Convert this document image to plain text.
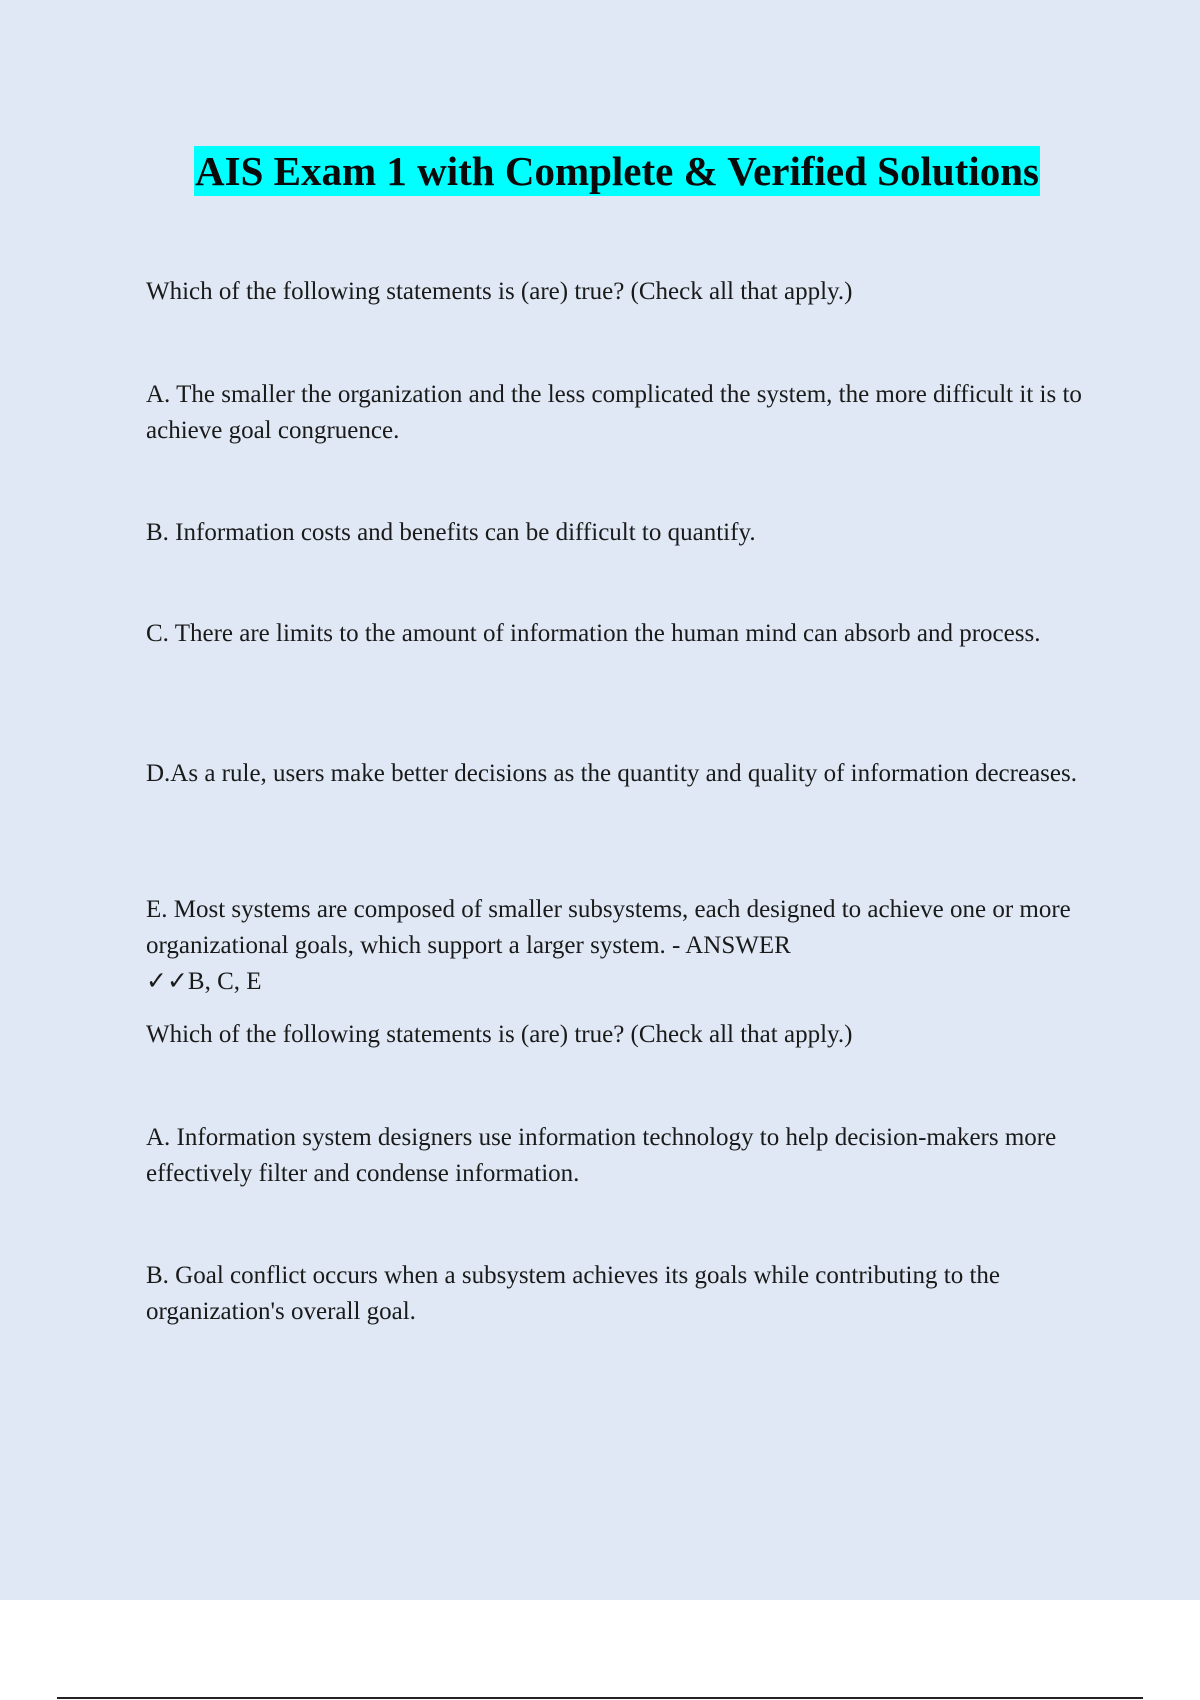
AIS Exam 1 with Complete & Verified Solutions

Which of the following statements is (are) true? (Check all that apply.)

A. The smaller the organization and the less complicated the system, the more difficult it is to achieve goal congruence.

B. Information costs and benefits can be difficult to quantify.

C. There are limits to the amount of information the human mind can absorb and process.

D.As a rule, users make better decisions as the quantity and quality of information decreases.

E. Most systems are composed of smaller subsystems, each designed to achieve one or more organizational goals, which support a larger system. - ANSWER
✓✓B, C, E

Which of the following statements is (are) true? (Check all that apply.)

A. Information system designers use information technology to help decision-makers more effectively filter and condense information.

B. Goal conflict occurs when a subsystem achieves its goals while contributing to the organization's overall goal.
